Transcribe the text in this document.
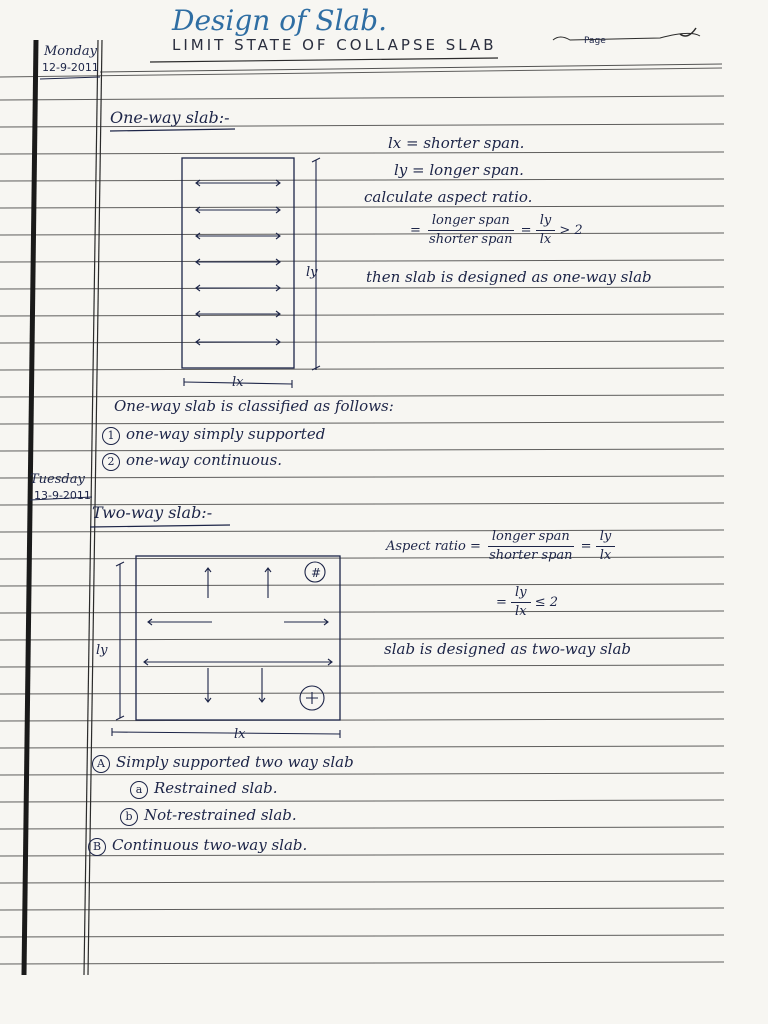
Design of Slab.
LIMIT STATE OF COLLAPSE SLAB	Page
Monday
12-9-2011
Tuesday
13-9-2011
One-way slab:-
ly
lx
lx = shorter span.
ly = longer span.
calculate aspect ratio.
= $\frac{\text{longer span}}{\text{shorter span}} = \frac{ly}{lx} > 2$
then slab is designed as one-way slab
One-way slab is classified as follows:
1 one-way simply supported
2 one-way continuous.
Two-way slab:-
#
ly
lx
Aspect ratio = $\frac{\text{longer span}}{\text{shorter span}} = \frac{ly}{lx}$
= $\frac{ly}{lx} \le 2$
slab is designed as two-way slab
A Simply supported two way slab
a Restrained slab.
b Not-restrained slab.
B Continuous two-way slab.
